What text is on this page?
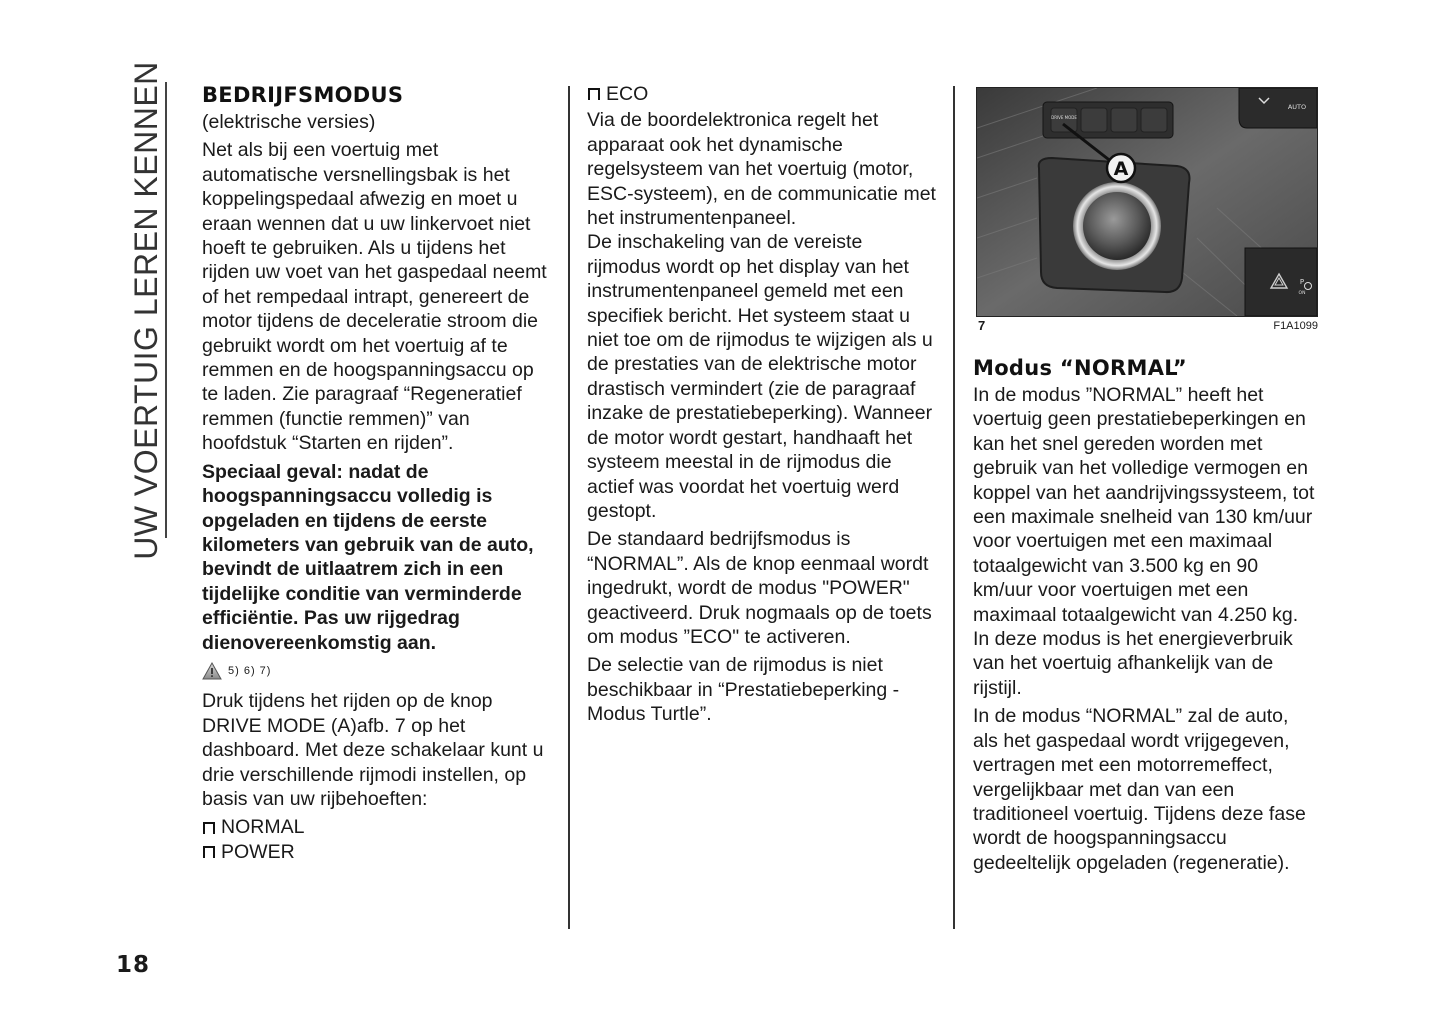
UW VOERTUIG LEREN KENNEN BEDRIJFSMODUS

(elektrische versies)

Net als bij een voertuig met automatische versnellingsbak is het koppelingspedaal afwezig en moet u eraan wennen dat u uw linkervoet niet hoeft te gebruiken. Als u tijdens het rijden uw voet van het gaspedaal neemt of het rempedaal intrapt, genereert de motor tijdens de deceleratie stroom die gebruikt wordt om het voertuig af te remmen en de hoogspanningsaccu op te laden. Zie paragraaf “Regeneratief remmen (functie remmen)” van hoofdstuk “Starten en rijden”.

Speciaal geval: nadat de hoogspanningsaccu volledig is opgeladen en tijdens de eerste kilometers van gebruik van de auto, bevindt de uitlaatrem zich in een tijdelijke conditie van verminderde efficiëntie. Pas uw rijgedrag dienovereenkomstig aan.

5) 6) 7)

Druk tijdens het rijden op de knop DRIVE MODE (A)afb. 7 op het dashboard. Met deze schakelaar kunt u drie verschillende rijmodi instellen, op basis van uw rijbehoeften:

NORMAL
POWER
ECO

Via de boordelektronica regelt het apparaat ook het dynamische regelsysteem van het voertuig (motor, ESC-systeem), en de communicatie met het instrumentenpaneel.

De inschakeling van de vereiste rijmodus wordt op het display van het instrumentenpaneel gemeld met een specifiek bericht. Het systeem staat u niet toe om de rijmodus te wijzigen als u de prestaties van de elektrische motor drastisch vermindert (zie de paragraaf inzake de prestatiebeperking). Wanneer de motor wordt gestart, handhaaft het systeem meestal in de rijmodus die actief was voordat het voertuig werd gestopt.

De standaard bedrijfsmodus is “NORMAL”. Als de knop eenmaal wordt ingedrukt, wordt de modus "POWER" geactiveerd. Druk nogmaals op de toets om modus ”ECO" te activeren.

De selectie van de rijmodus is niet beschikbaar in “Prestatiebeperking - Modus Turtle”.

DRIVE MODE
A
AUTO
P
ON
7	F1A1099
Modus “NORMAL”

In de modus ”NORMAL” heeft het voertuig geen prestatiebeperkingen en kan het snel gereden worden met gebruik van het volledige vermogen en koppel van het aandrijvingssysteem, tot een maximale snelheid van 130 km/uur voor voertuigen met een maximaal totaalgewicht van 3.500 kg en 90 km/uur voor voertuigen met een maximaal totaalgewicht van 4.250 kg. In deze modus is het energieverbruik van het voertuig afhankelijk van de rijstijl.

In de modus “NORMAL” zal de auto, als het gaspedaal wordt vrijgegeven, vertragen met een motorremeffect, vergelijkbaar met dan van een traditioneel voertuig. Tijdens deze fase wordt de hoogspanningsaccu gedeeltelijk opgeladen (regeneratie).

18
